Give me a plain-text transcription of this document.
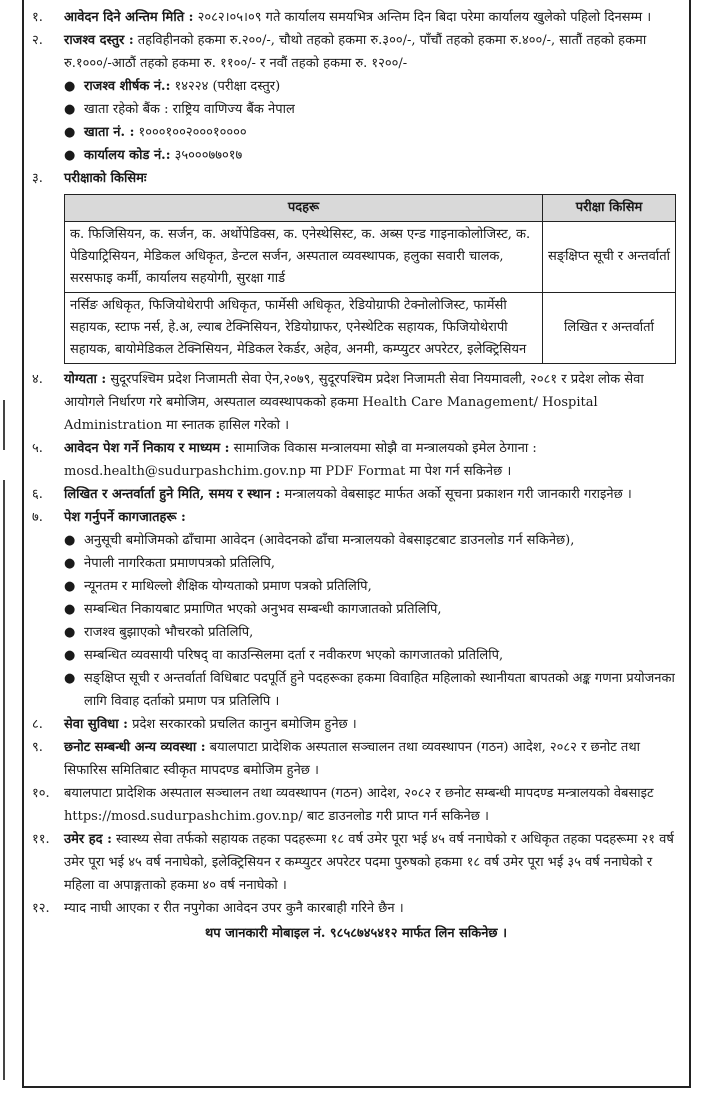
१. आवेदन दिने अन्तिम मिति : २०८२।०५।०९ गते कार्यालय समयभित्र अन्तिम दिन बिदा परेमा कार्यालय खुलेको पहिलो दिनसम्म ।
२. राजश्व दस्तुर : तहविहीनको हकमा रु.२००/-, चौथो तहको हकमा रु.३००/-, पाँचौं तहको हकमा रु.४००/-, सातौं तहको हकमा रु.१०००/-आठौं तहको हकमा रु. ११००/- र नवौं तहको हकमा रु. १२००/-
● राजश्व शीर्षक नं.: १४२२४ (परीक्षा दस्तुर)
● खाता रहेको बैंक : राष्ट्रिय वाणिज्य बैंक नेपाल
● खाता नं. : १०००१००२०००१००००
● कार्यालय कोड नं.: ३५०००७७०१७
३. परीक्षाको किसिमः
पदहरू	परीक्षा किसिम
क. फिजिसियन, क. सर्जन, क. अर्थोपेडिक्स, क. एनेस्थेसिस्ट, क. अब्स एन्ड गाइनाकोलोजिस्ट, क. पेडियाट्रिसियन, मेडिकल अधिकृत, डेन्टल सर्जन, अस्पताल व्यवस्थापक, हलुका सवारी चालक, सरसफाइ कर्मी, कार्यालय सहयोगी, सुरक्षा गार्ड	सङ्क्षिप्त सूची र अन्तर्वार्ता
नर्सिङ अधिकृत, फिजियोथेरापी अधिकृत, फार्मेसी अधिकृत, रेडियोग्राफी टेक्नोलोजिस्ट, फार्मेसी सहायक, स्टाफ नर्स, हे.अ, ल्याब टेक्निसियन, रेडियोग्राफर, एनेस्थेटिक सहायक, फिजियोथेरापी सहायक, बायोमेडिकल टेक्निसियन, मेडिकल रेकर्डर, अहेव, अनमी, कम्प्युटर अपरेटर, इलेक्ट्रिसियन	लिखित र अन्तर्वार्ता
४. योग्यता : सुदूरपश्चिम प्रदेश निजामती सेवा ऐन,२०७९, सुदूरपश्चिम प्रदेश निजामती सेवा नियमावली, २०८१ र प्रदेश लोक सेवा आयोगले निर्धारण गरे बमोजिम, अस्पताल व्यवस्थापकको हकमा Health Care Management/ Hospital Administration मा स्नातक हासिल गरेको ।
५. आवेदन पेश गर्ने निकाय र माध्यम : सामाजिक विकास मन्त्रालयमा सोझै वा मन्त्रालयको इमेल ठेगाना : mosd.health@sudurpashchim.gov.np मा PDF Format मा पेश गर्न सकिनेछ ।
६. लिखित र अन्तर्वार्ता हुने मिति, समय र स्थान : मन्त्रालयको वेबसाइट मार्फत अर्को सूचना प्रकाशन गरी जानकारी गराइनेछ ।
७. पेश गर्नुपर्ने कागजातहरू :
● अनुसूची बमोजिमको ढाँचामा आवेदन (आवेदनको ढाँचा मन्त्रालयको वेबसाइटबाट डाउनलोड गर्न सकिनेछ),
● नेपाली नागरिकता प्रमाणपत्रको प्रतिलिपि,
● न्यूनतम र माथिल्लो शैक्षिक योग्यताको प्रमाण पत्रको प्रतिलिपि,
● सम्बन्धित निकायबाट प्रमाणित भएको अनुभव सम्बन्धी कागजातको प्रतिलिपि,
● राजश्व बुझाएको भौचरको प्रतिलिपि,
● सम्बन्धित व्यवसायी परिषद् वा काउन्सिलमा दर्ता र नवीकरण भएको कागजातको प्रतिलिपि,
● सङ्क्षिप्त सूची र अन्तर्वार्ता विधिबाट पदपूर्ति हुने पदहरूका हकमा विवाहित महिलाको स्थानीयता बापतको अङ्क गणना प्रयोजनका लागि विवाह दर्ताको प्रमाण पत्र प्रतिलिपि ।
८. सेवा सुविधा : प्रदेश सरकारको प्रचलित कानुन बमोजिम हुनेछ ।
९. छनोट सम्बन्धी अन्य व्यवस्था : बयालपाटा प्रादेशिक अस्पताल सञ्चालन तथा व्यवस्थापन (गठन) आदेश, २०८२ र छनोट तथा सिफारिस समितिबाट स्वीकृत मापदण्ड बमोजिम हुनेछ ।
१०. बयालपाटा प्रादेशिक अस्पताल सञ्चालन तथा व्यवस्थापन (गठन) आदेश, २०८२ र छनोट सम्बन्धी मापदण्ड मन्त्रालयको वेबसाइट https://mosd.sudurpashchim.gov.np/ बाट डाउनलोड गरी प्राप्त गर्न सकिनेछ ।
११. उमेर हद : स्वास्थ्य सेवा तर्फको सहायक तहका पदहरूमा १८ वर्ष उमेर पूरा भई ४५ वर्ष ननाघेको र अधिकृत तहका पदहरूमा २१ वर्ष उमेर पूरा भई ४५ वर्ष ननाघेको, इलेक्ट्रिसियन र कम्प्युटर अपरेटर पदमा पुरुषको हकमा १८ वर्ष उमेर पूरा भई ३५ वर्ष ननाघेको र महिला वा अपाङ्गताको हकमा ४० वर्ष ननाघेको ।
१२. म्याद नाघी आएका र रीत नपुगेका आवेदन उपर कुनै कारबाही गरिने छैन ।
थप जानकारी मोबाइल नं. ९८५८७४५४१२ मार्फत लिन सकिनेछ ।
